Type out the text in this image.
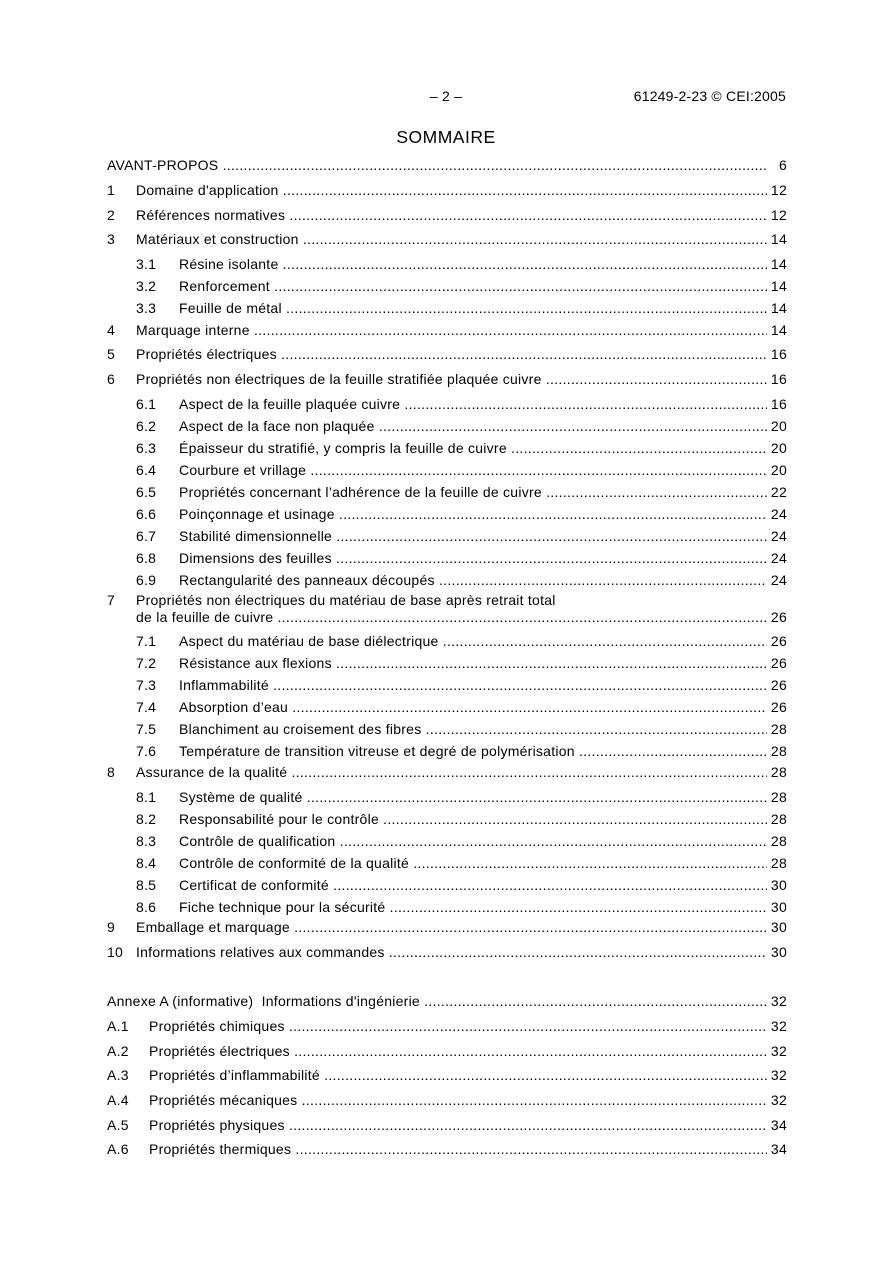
– 2 –	61249-2-23 © CEI:2005
SOMMAIRE
AVANT-PROPOS .....	6
1 Domaine d'application .....	12
2 Références normatives .....	12
3 Matériaux et construction .....	14
3.1 Résine isolante .....	14
3.2 Renforcement .....	14
3.3 Feuille de métal .....	14
4 Marquage interne .....	14
5 Propriétés électriques .....	16
6 Propriétés non électriques de la feuille stratifiée plaquée cuivre .....	16
6.1 Aspect de la feuille plaquée cuivre .....	16
6.2 Aspect de la face non plaquée .....	20
6.3 Épaisseur du stratifié, y compris la feuille de cuivre .....	20
6.4 Courbure et vrillage .....	20
6.5 Propriétés concernant l’adhérence de la feuille de cuivre .....	22
6.6 Poinçonnage et usinage .....	24
6.7 Stabilité dimensionnelle .....	24
6.8 Dimensions des feuilles .....	24
6.9 Rectangularité des panneaux découpés .....	24
7 Propriétés non électriques du matériau de base après retrait total
de la feuille de cuivre .....	26
7.1 Aspect du matériau de base diélectrique .....	26
7.2 Résistance aux flexions .....	26
7.3 Inflammabilité .....	26
7.4 Absorption d’eau .....	26
7.5 Blanchiment au croisement des fibres .....	28
7.6 Température de transition vitreuse et degré de polymérisation .....	28
8 Assurance de la qualité .....	28
8.1 Système de qualité .....	28
8.2 Responsabilité pour le contrôle .....	28
8.3 Contrôle de qualification .....	28
8.4 Contrôle de conformité de la qualité .....	28
8.5 Certificat de conformité .....	30
8.6 Fiche technique pour la sécurité .....	30
9 Emballage et marquage .....	30
10 Informations relatives aux commandes .....	30
Annexe A (informative)  Informations d'ingénierie .....	32
A.1 Propriétés chimiques .....	32
A.2 Propriétés électriques .....	32
A.3 Propriétés d’inflammabilité .....	32
A.4 Propriétés mécaniques .....	32
A.5 Propriétés physiques .....	34
A.6 Propriétés thermiques .....	34
